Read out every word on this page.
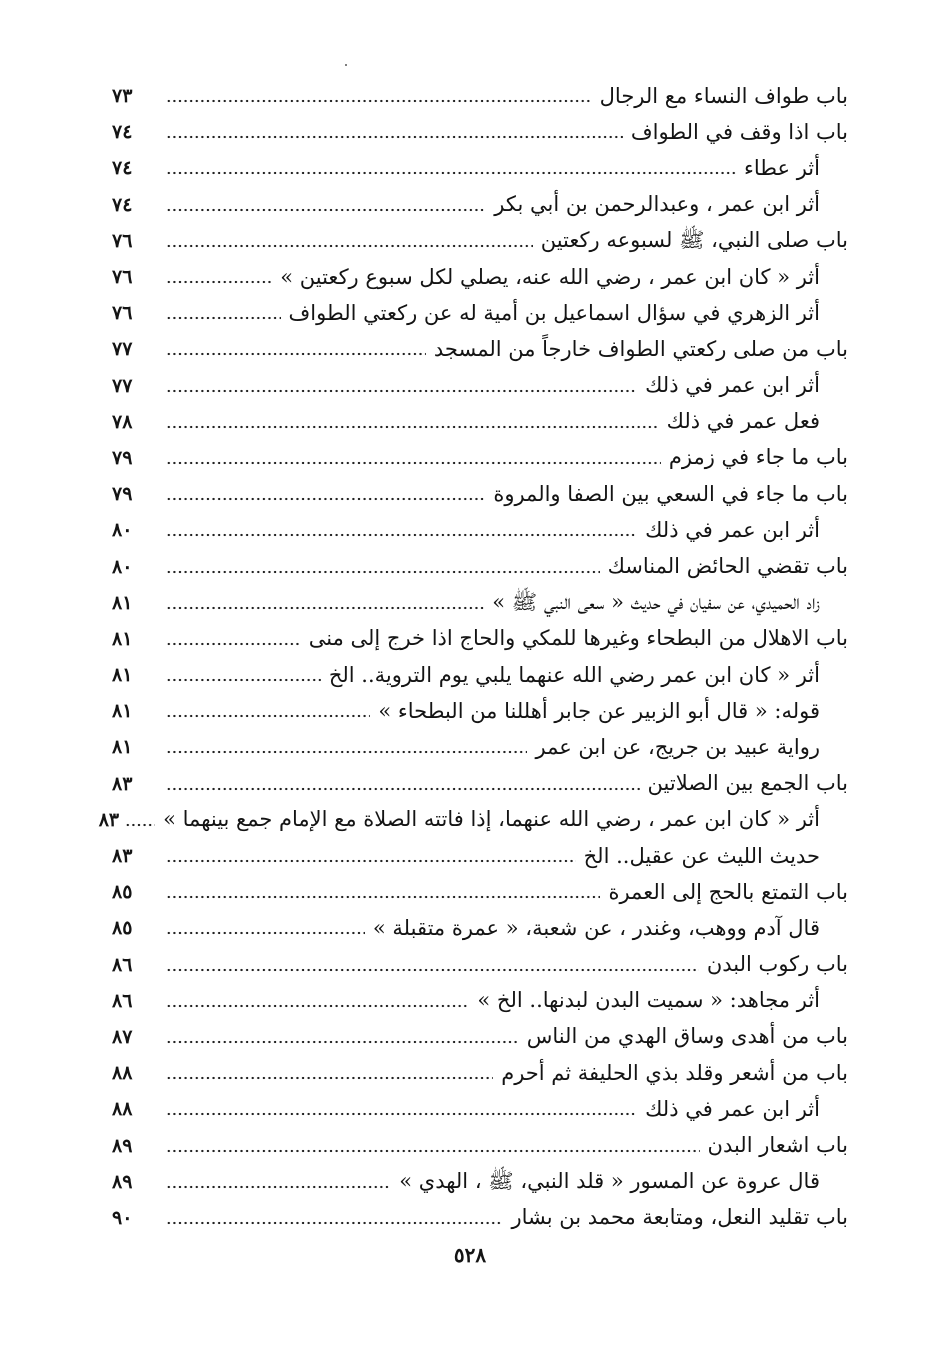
باب طواف النساء مع الرجال
٧٣
باب اذا وقف في الطواف
٧٤
أثر عطاء
٧٤
أثر ابن عمر ، وعبدالرحمن بن أبي بكر
٧٤
باب صلى النبي، ﷺ لسبوعه ركعتين
٧٦
أثر « كان ابن عمر ، رضي الله عنه، يصلي لكل سبوع ركعتين »
٧٦
أثر الزهري في سؤال اسماعيل بن أمية له عن ركعتي الطواف
٧٦
باب من صلى ركعتي الطواف خارجاً من المسجد
٧٧
أثر ابن عمر في ذلك
٧٧
فعل عمر في ذلك
٧٨
باب ما جاء في زمزم
٧٩
باب ما جاء في السعي بين الصفا والمروة
٧٩
أثر ابن عمر في ذلك
٨٠
باب تقضي الحائض المناسك
٨٠
زاد الحميدي، عن سفيان في حديث « سعى النبي ﷺ »
٨١
باب الاهلال من البطحاء وغيرها للمكي والحاج اذا خرج إلى منى
٨١
أثر « كان ابن عمر رضي الله عنهما يلبي يوم التروية.. الخ
٨١
قوله: « قال أبو الزبير عن جابر أهللنا من البطحاء »
٨١
رواية عبيد بن جريج، عن ابن عمر
٨١
باب الجمع بين الصلاتين
٨٣
أثر « كان ابن عمر ، رضي الله عنهما، إذا فاتته الصلاة مع الإمام جمع بينهما »
٨٣
حديث الليث عن عقيل.. الخ
٨٣
باب التمتع بالحج إلى العمرة
٨٥
قال آدم ووهب، وغندر ، عن شعبة، « عمرة متقبلة »
٨٥
باب ركوب البدن
٨٦
أثر مجاهد: « سميت البدن لبدنها.. الخ »
٨٦
باب من أهدى وساق الهدي من الناس
٨٧
باب من أشعر وقلد بذي الحليفة ثم أحرم
٨٨
أثر ابن عمر في ذلك
٨٨
باب اشعار البدن
٨٩
قال عروة عن المسور « قلد النبي، ﷺ ، الهدي »
٨٩
باب تقليد النعل، ومتابعة محمد بن بشار
٩٠
٥٢٨
